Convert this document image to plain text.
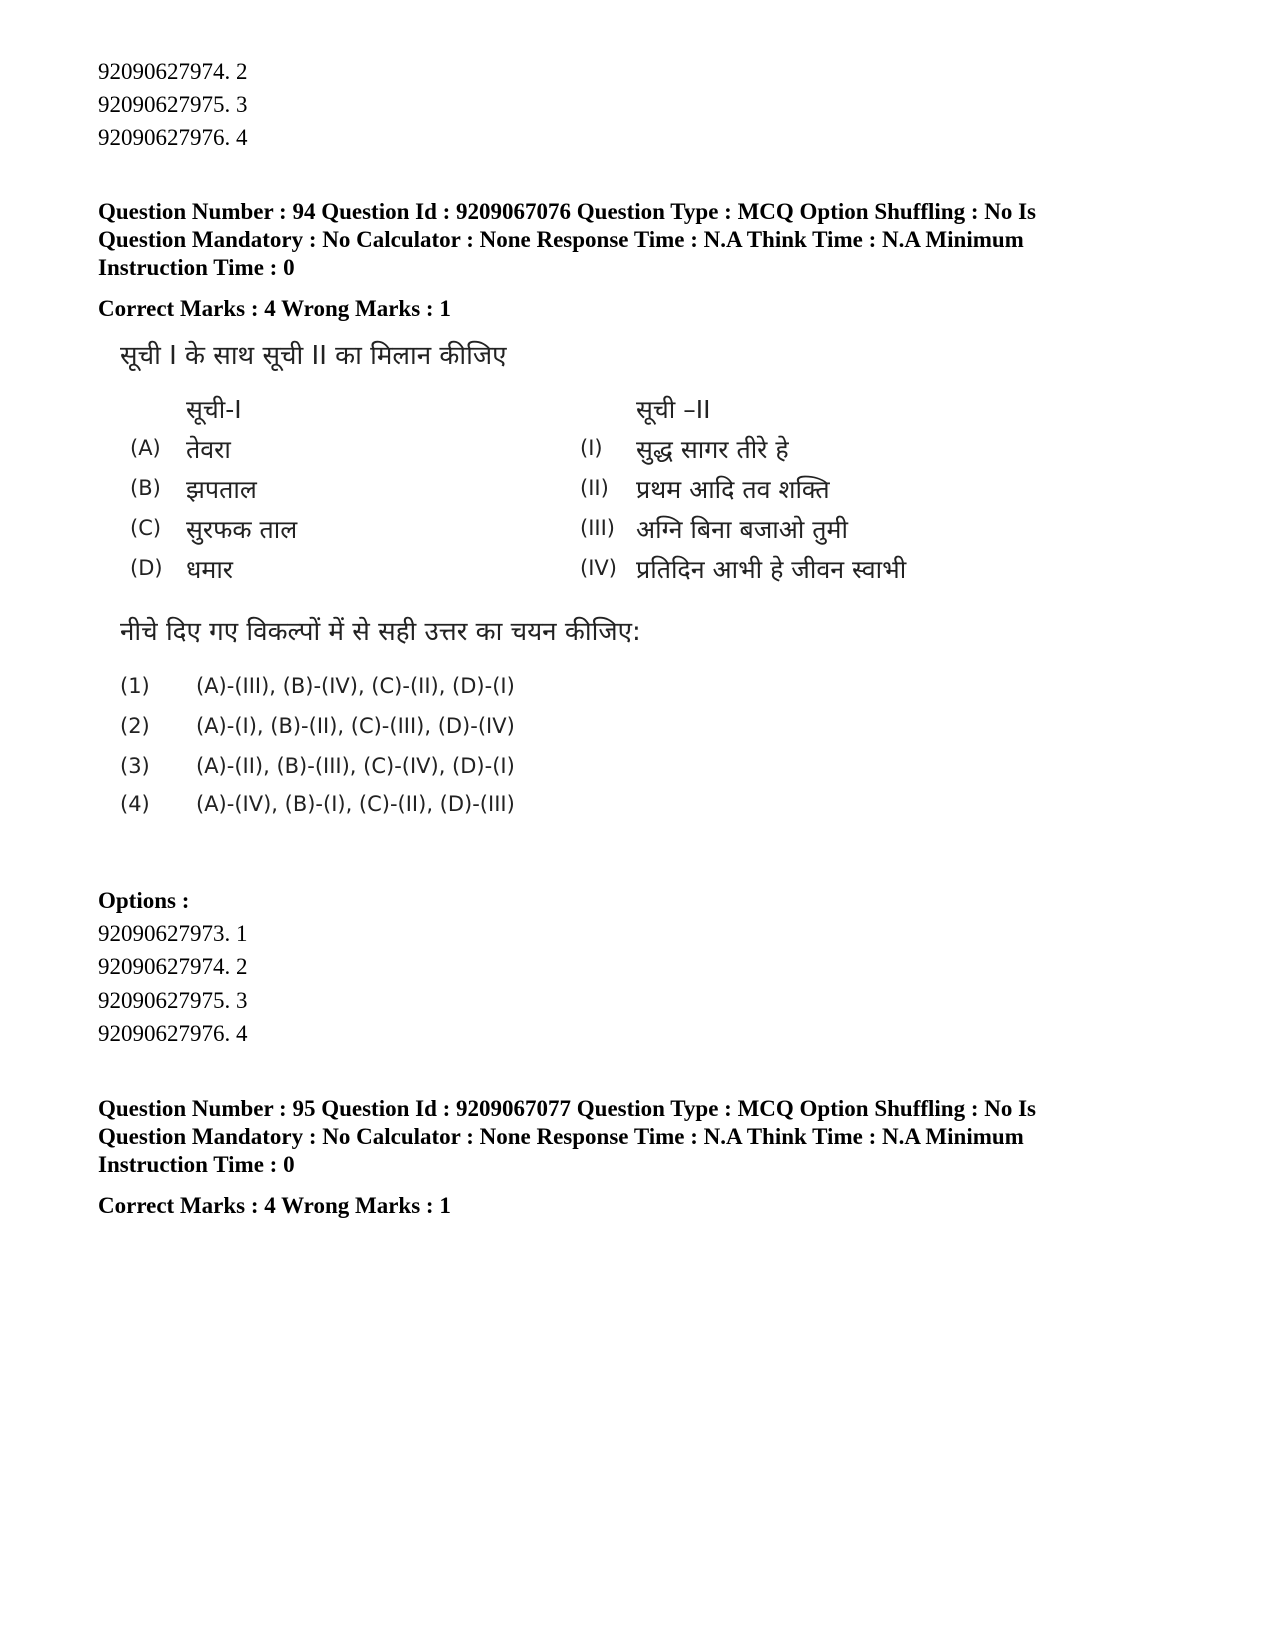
92090627974. 2
92090627975. 3
92090627976. 4
Question Number : 94 Question Id : 9209067076 Question Type : MCQ Option Shuffling : No Is
Question Mandatory : No Calculator : None Response Time : N.A Think Time : N.A Minimum
Instruction Time : 0
Correct Marks : 4 Wrong Marks : 1
सूची I के साथ सूची II का मिलान कीजिए
सूची-I	सूची –II
(A) तेवरा
(B) झपताल
(C) सुरफक ताल
(D) धमार
(I) सुद्ध सागर तीरे हे
(II) प्रथम आदि तव शक्ति
(III) अग्नि बिना बजाओ तुमी
(IV) प्रतिदिन आभी हे जीवन स्वाभी
नीचे दिए गए विकल्पों में से सही उत्तर का चयन कीजिए:
(1) (A)-(III), (B)-(IV), (C)-(II), (D)-(I)
(2) (A)-(I), (B)-(II), (C)-(III), (D)-(IV)
(3) (A)-(II), (B)-(III), (C)-(IV), (D)-(I)
(4) (A)-(IV), (B)-(I), (C)-(II), (D)-(III)
Options :
92090627973. 1
92090627974. 2
92090627975. 3
92090627976. 4
Question Number : 95 Question Id : 9209067077 Question Type : MCQ Option Shuffling : No Is
Question Mandatory : No Calculator : None Response Time : N.A Think Time : N.A Minimum
Instruction Time : 0
Correct Marks : 4 Wrong Marks : 1
